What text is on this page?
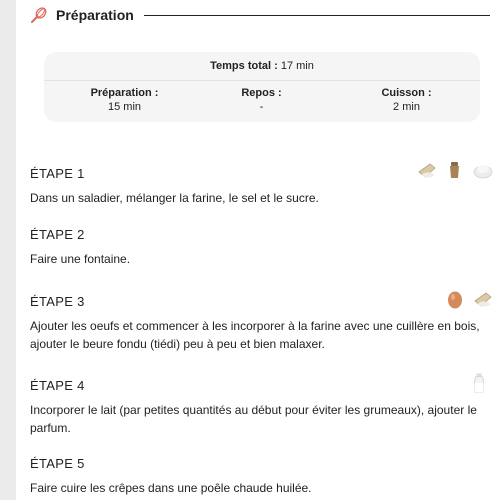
Préparation
Temps total : 17 min
Préparation :
15 min
Repos :
-
Cuisson :
2 min
ÉTAPE 1

Dans un saladier, mélanger la farine, le sel et le sucre.

ÉTAPE 2

Faire une fontaine.

ÉTAPE 3

Ajouter les oeufs et commencer à les incorporer à la farine avec une cuillère en bois, ajouter le beure fondu (tiédi) peu à peu et bien malaxer.

ÉTAPE 4

Incorporer le lait (par petites quantités au début pour éviter les grumeaux), ajouter le parfum.

ÉTAPE 5

Faire cuire les crêpes dans une poêle chaude huilée.
